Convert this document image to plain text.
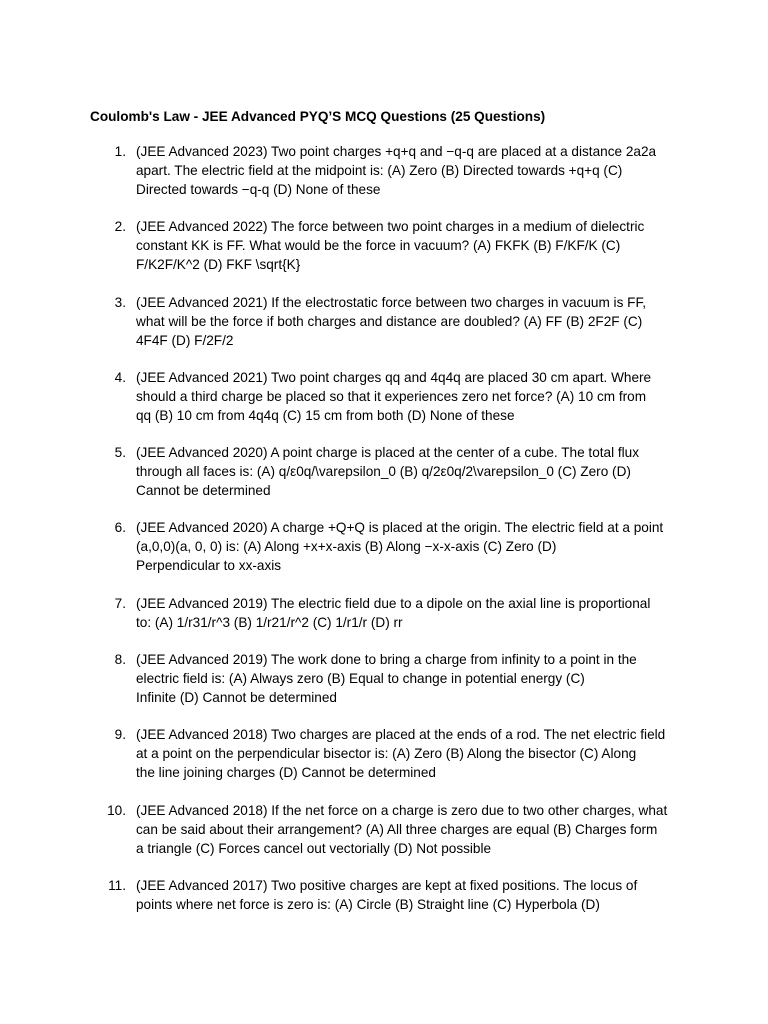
Coulomb's Law - JEE Advanced PYQ’S MCQ Questions (25 Questions)
1. (JEE Advanced 2023) Two point charges +q+q and −q-q are placed at a distance 2a2a
apart. The electric field at the midpoint is: (A) Zero (B) Directed towards +q+q (C)
Directed towards −q-q (D) None of these
2. (JEE Advanced 2022) The force between two point charges in a medium of dielectric
constant KK is FF. What would be the force in vacuum? (A) FKFK (B) F/KF/K (C)
F/K2F/K^2 (D) FKF \sqrt{K}
3. (JEE Advanced 2021) If the electrostatic force between two charges in vacuum is FF,
what will be the force if both charges and distance are doubled? (A) FF (B) 2F2F (C)
4F4F (D) F/2F/2
4. (JEE Advanced 2021) Two point charges qq and 4q4q are placed 30 cm apart. Where
should a third charge be placed so that it experiences zero net force? (A) 10 cm from
qq (B) 10 cm from 4q4q (C) 15 cm from both (D) None of these
5. (JEE Advanced 2020) A point charge is placed at the center of a cube. The total flux
through all faces is: (A) q/ε0q/\varepsilon_0 (B) q/2ε0q/2\varepsilon_0 (C) Zero (D)
Cannot be determined
6. (JEE Advanced 2020) A charge +Q+Q is placed at the origin. The electric field at a point
(a,0,0)(a, 0, 0) is: (A) Along +x+x-axis (B) Along −x-x-axis (C) Zero (D)
Perpendicular to xx-axis
7. (JEE Advanced 2019) The electric field due to a dipole on the axial line is proportional
to: (A) 1/r31/r^3 (B) 1/r21/r^2 (C) 1/r1/r (D) rr
8. (JEE Advanced 2019) The work done to bring a charge from infinity to a point in the
electric field is: (A) Always zero (B) Equal to change in potential energy (C)
Infinite (D) Cannot be determined
9. (JEE Advanced 2018) Two charges are placed at the ends of a rod. The net electric field
at a point on the perpendicular bisector is: (A) Zero (B) Along the bisector (C) Along
the line joining charges (D) Cannot be determined
10. (JEE Advanced 2018) If the net force on a charge is zero due to two other charges, what
can be said about their arrangement? (A) All three charges are equal (B) Charges form
a triangle (C) Forces cancel out vectorially (D) Not possible
11. (JEE Advanced 2017) Two positive charges are kept at fixed positions. The locus of
points where net force is zero is: (A) Circle (B) Straight line (C) Hyperbola (D)
